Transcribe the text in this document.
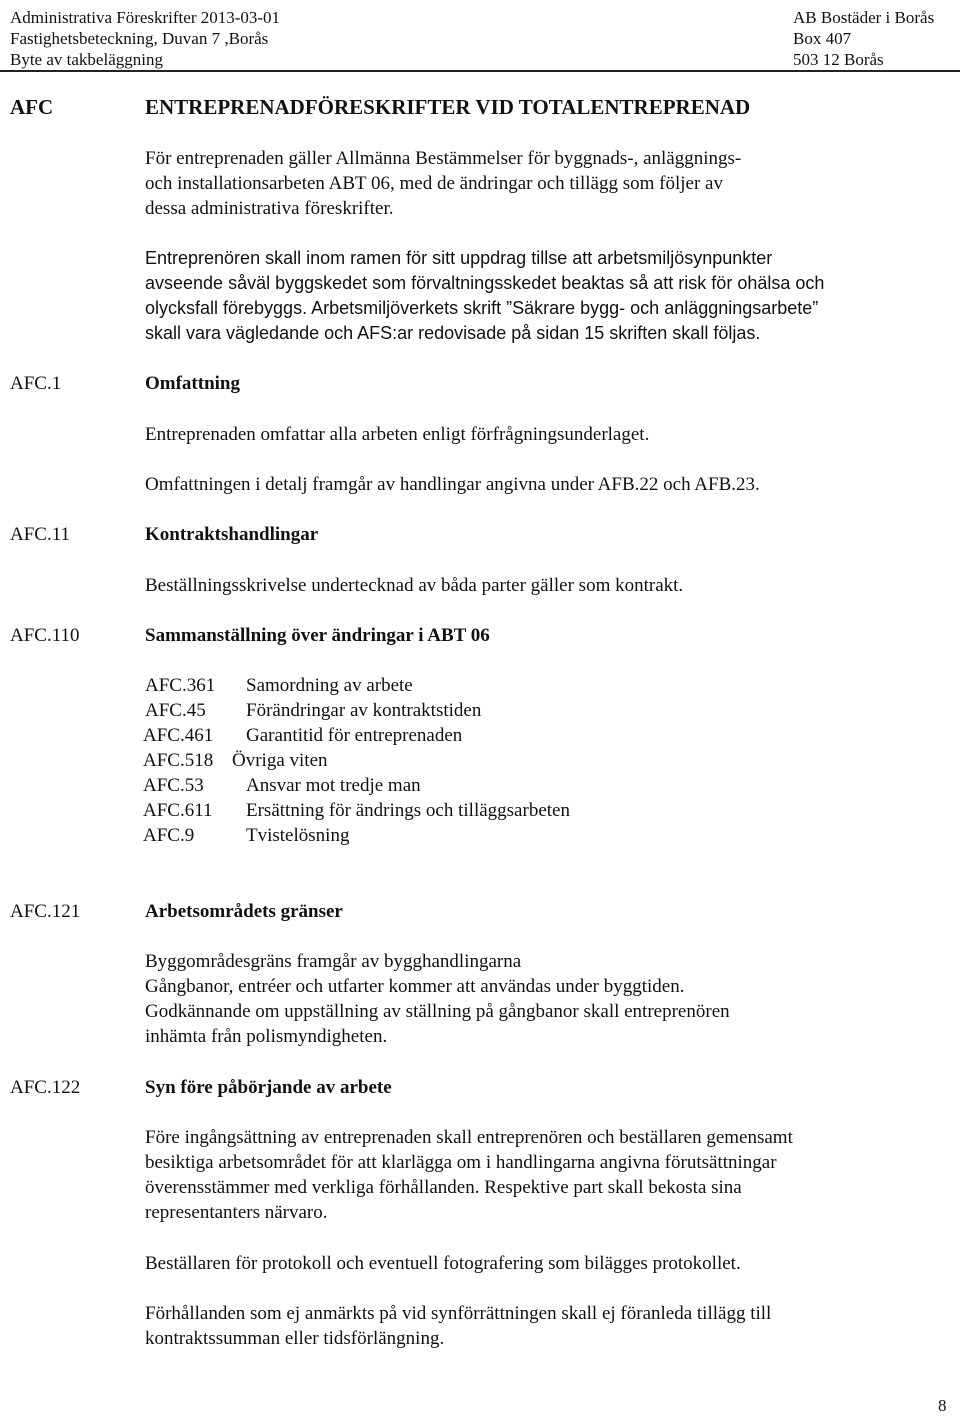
Administrativa Föreskrifter 2013-03-01
Fastighetsbeteckning, Duvan 7 ,Borås
Byte av takbeläggning
AB Bostäder i Borås
Box 407
503 12 Borås
AFC	ENTREPRENADFÖRESKRIFTER VID TOTALENTREPRENAD
För entreprenaden gäller Allmänna Bestämmelser för byggnads-, anläggnings-
och installationsarbeten ABT 06, med de ändringar och tillägg som följer av
dessa administrativa föreskrifter.
Entreprenören skall inom ramen för sitt uppdrag tillse att arbetsmiljösynpunkter
avseende såväl byggskedet som förvaltningsskedet beaktas så att risk för ohälsa och
olycksfall förebyggs. Arbetsmiljöverkets skrift ”Säkrare bygg- och anläggningsarbete”
skall vara vägledande och AFS:ar redovisade på sidan 15 skriften skall följas.
AFC.1	Omfattning
Entreprenaden omfattar alla arbeten enligt förfrågningsunderlaget.
Omfattningen i detalj framgår av handlingar angivna under AFB.22 och AFB.23.
AFC.11	Kontraktshandlingar
Beställningsskrivelse undertecknad av båda parter gäller som kontrakt.
AFC.110	Sammanställning över ändringar i ABT 06
AFC.361 Samordning av arbete
AFC.45 Förändringar av kontraktstiden
AFC.461 Garantitid för entreprenaden
AFC.518 Övriga viten
AFC.53 Ansvar mot tredje man
AFC.611 Ersättning för ändrings och tilläggsarbeten
AFC.9	Tvistelösning
AFC.121	Arbetsområdets gränser
Byggområdesgräns framgår av bygghandlingarna
Gångbanor, entréer och utfarter kommer att användas under byggtiden.
Godkännande om uppställning av ställning på gångbanor skall entreprenören
inhämta från polismyndigheten.
AFC.122	Syn före påbörjande av arbete
Före ingångsättning av entreprenaden skall entreprenören och beställaren gemensamt
besiktiga arbetsområdet för att klarlägga om i handlingarna angivna förutsättningar
överensstämmer med verkliga förhållanden. Respektive part skall bekosta sina
representanters närvaro.
Beställaren för protokoll och eventuell fotografering som bilägges protokollet.
Förhållanden som ej anmärkts på vid synförrättningen skall ej föranleda tillägg till
kontraktssumman eller tidsförlängning.
8
